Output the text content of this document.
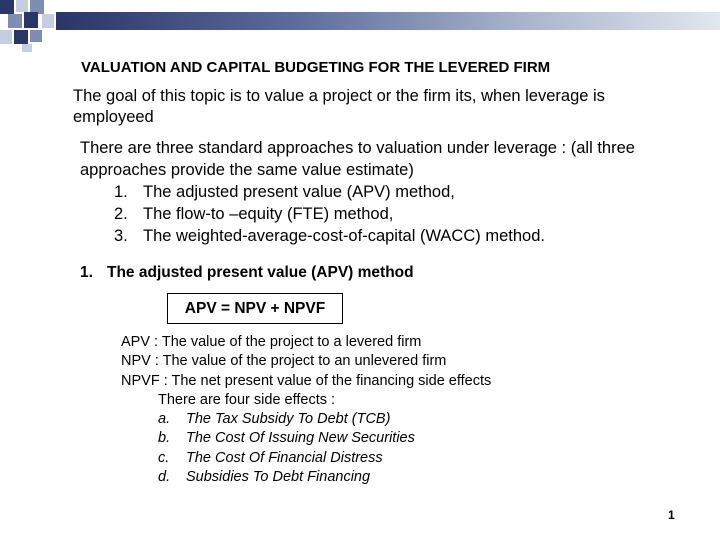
VALUATION AND CAPITAL BUDGETING FOR THE LEVERED FIRM
The goal of this topic is to value a project or the firm its, when leverage is employeed
There are three standard approaches to valuation under leverage : (all three approaches provide the same value estimate)
1. The adjusted present value (APV) method,
2. The flow-to –equity (FTE) method,
3. The weighted-average-cost-of-capital (WACC) method.
1. The adjusted present value (APV) method
APV = NPV + NPVF
APV : The value of the project to a levered firm
NPV : The value of the project to an unlevered firm
NPVF : The net present value of the financing side effects
There are four side effects :
a. The Tax Subsidy To Debt (TCB)
b. The Cost Of Issuing New Securities
c. The Cost Of Financial Distress
d. Subsidies To Debt Financing
1
